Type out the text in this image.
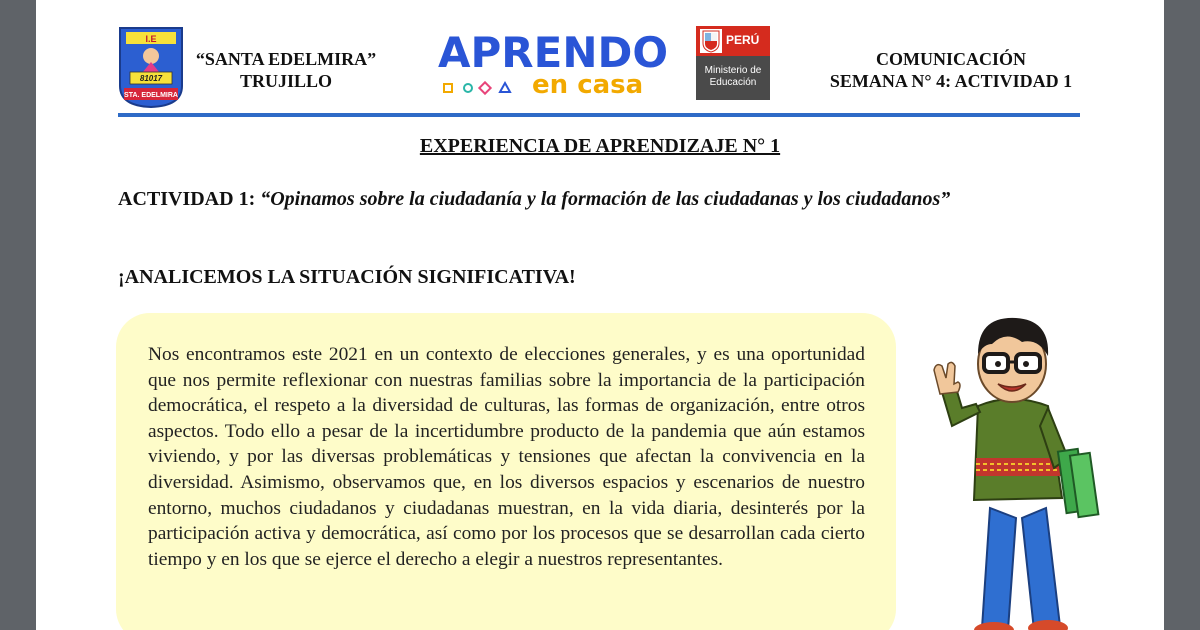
I.E
81017
STA. EDELMIRA
“SANTA EDELMIRA”
TRUJILLO
APRENDO
en casa
PERÚ
Ministerio de
Educación
COMUNICACIÓN
SEMANA N° 4: ACTIVIDAD 1
EXPERIENCIA DE APRENDIZAJE N° 1
ACTIVIDAD 1: “Opinamos sobre la ciudadanía y la formación de las ciudadanas y los ciudadanos”
¡ANALICEMOS LA SITUACIÓN SIGNIFICATIVA!
Nos encontramos este 2021 en un contexto de elecciones generales, y es una oportunidad que nos permite reflexionar con nuestras familias sobre la importancia de la participación democrática, el respeto a la diversidad de culturas, las formas de organización, entre otros aspectos. Todo ello a pesar de la incertidumbre producto de la pandemia que aún estamos viviendo, y por las diversas problemáticas y tensiones que afectan la convivencia en la diversidad. Asimismo, observamos que, en los diversos espacios y escenarios de nuestro entorno, muchos ciudadanos y ciudadanas muestran, en la vida diaria, desinterés por la participación activa y democrática, así como por los procesos que se desarrollan cada cierto tiempo y en los que se ejerce el derecho a elegir a nuestros representantes.
